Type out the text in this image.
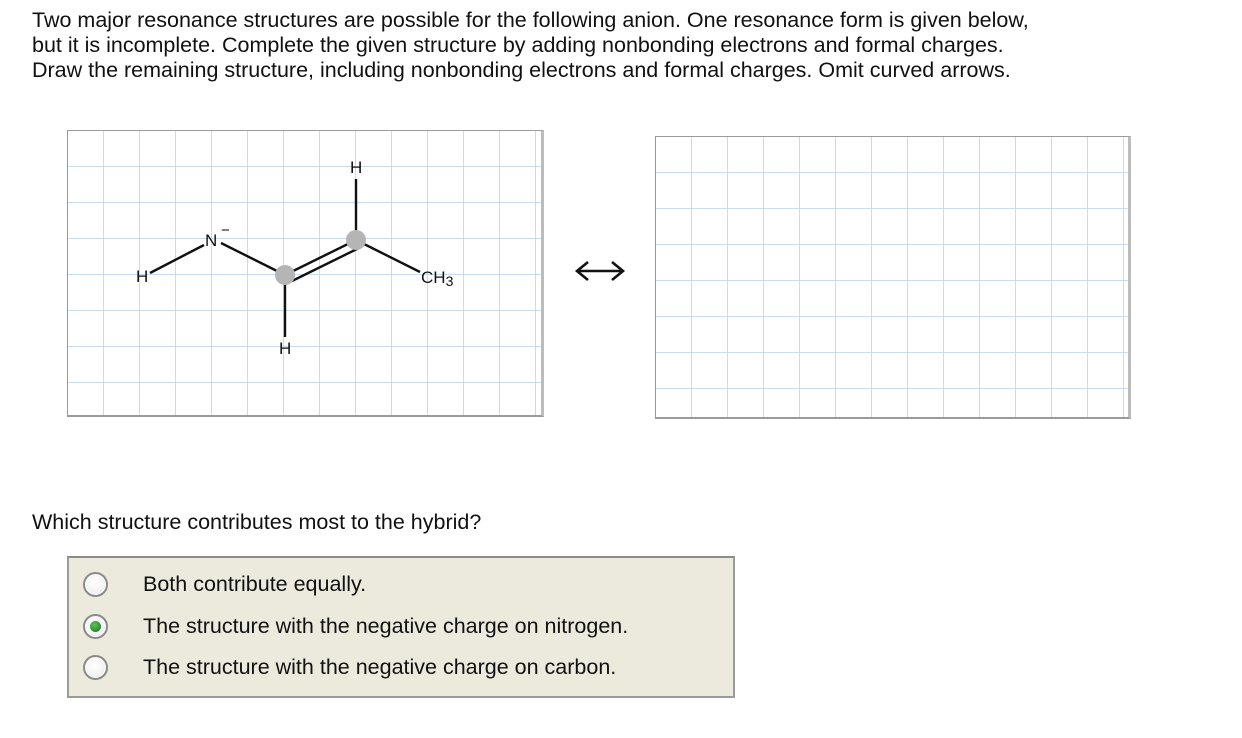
Two major resonance structures are possible for the following anion. One resonance form is given below,

but it is incomplete. Complete the given structure by adding nonbonding electrons and formal charges.

Draw the remaining structure, including nonbonding electrons and formal charges. Omit curved arrows.

H
N
−
H
H
CH3

Which structure contributes most to the hybrid?

Both contribute equally.
The structure with the negative charge on nitrogen.
The structure with the negative charge on carbon.
